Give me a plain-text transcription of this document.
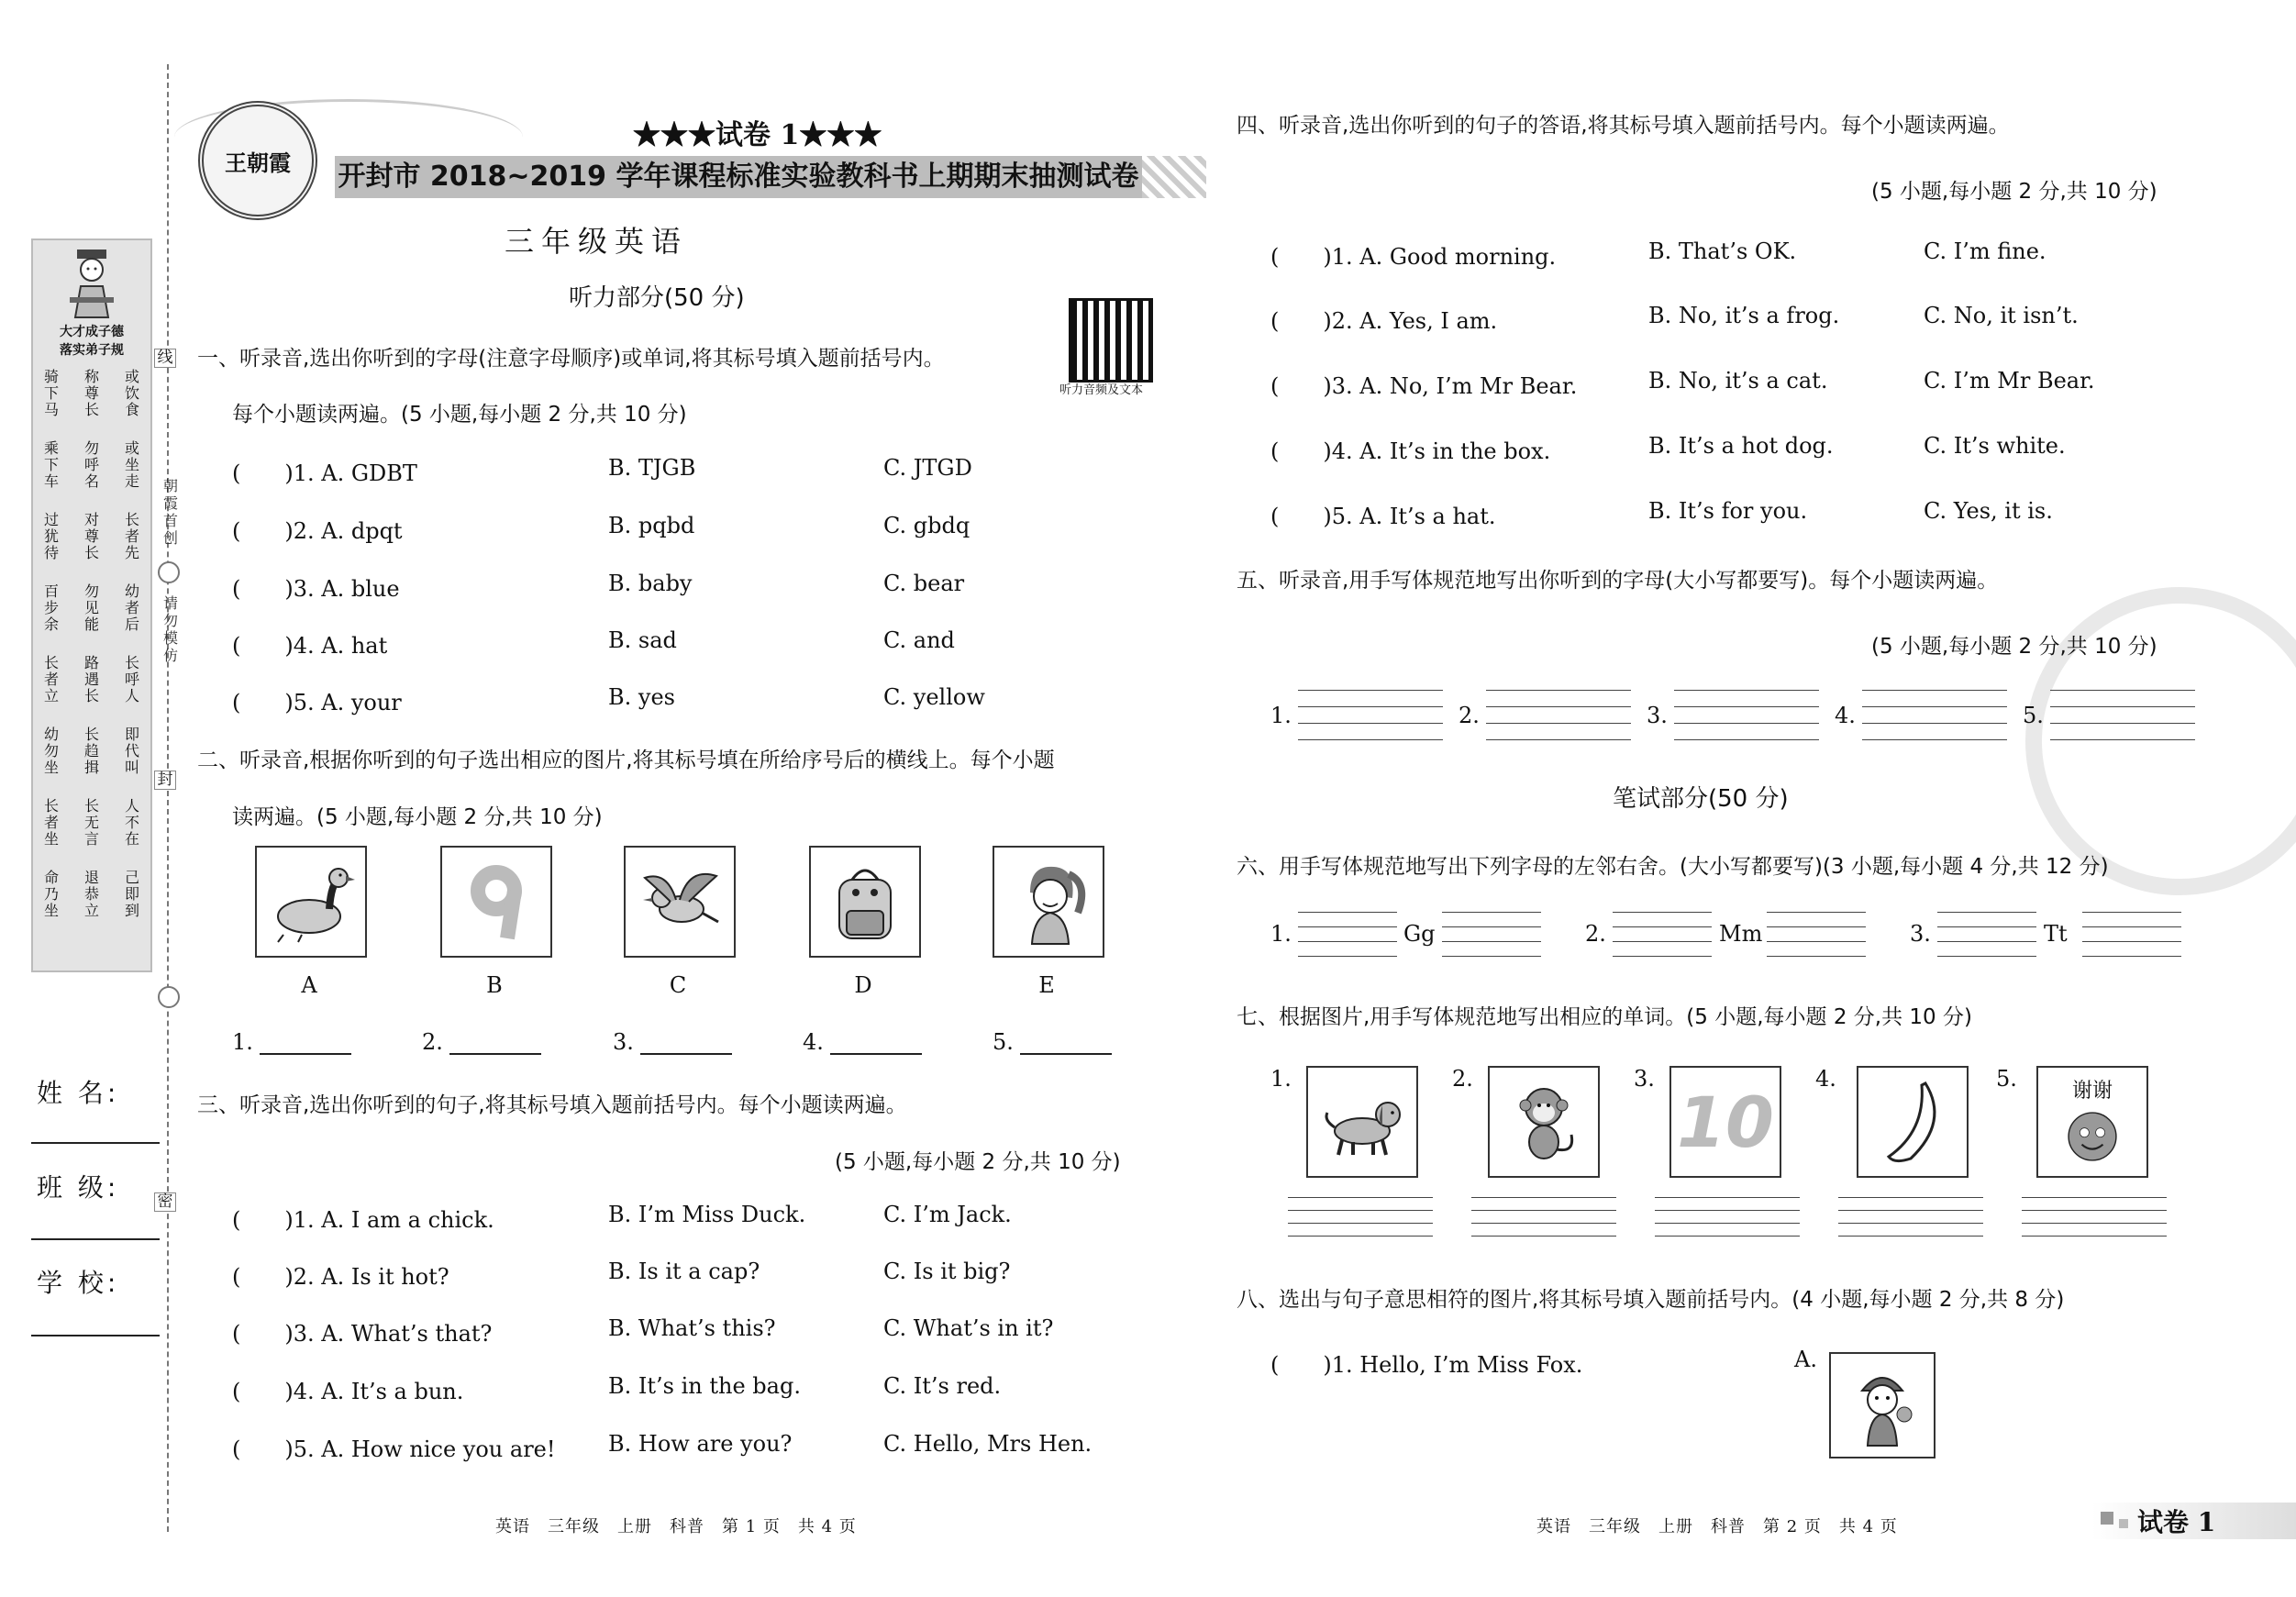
线
朝
霞
首
创
请
勿
模
仿
封
密
大才成子德
落实弟子规
骑
下
马
乘
下
车
过
犹
待
百
步
余
长
者
立
幼
勿
坐
长
者
坐
命
乃
坐
称
尊
长
勿
呼
名
对
尊
长
勿
见
能
路
遇
长
长
趋
揖
长
无
言
退
恭
立
或
饮
食
或
坐
走
长
者
先
幼
者
后
长
呼
人
即
代
叫
人
不
在
己
即
到
姓 名:
班 级:
学 校:
王朝霞
★★★试卷 1★★★
开封市 2018~2019 学年课程标准实验教科书上期期末抽测试卷
三年级英语
听力部分(50 分)
听力音频及文本
一、听录音,选出你听到的字母(注意字母顺序)或单词,将其标号填入题前括号内。
每个小题读两遍。(5 小题,每小题 2 分,共 10 分)
(　　)1. A. GDBT	B. TJGB	C. JTGD
(　　)2. A. dpqt	B. pqbd	C. gbdq
(　　)3. A. blue	B. baby	C. bear
(　　)4. A. hat	B. sad	C. and
(　　)5. A. your	B. yes	C. yellow
二、听录音,根据你听到的句子选出相应的图片,将其标号填在所给序号后的横线上。每个小题
读两遍。(5 小题,每小题 2 分,共 10 分)
A	B	C	D	E
1.	2.	3.	4.	5.
三、听录音,选出你听到的句子,将其标号填入题前括号内。每个小题读两遍。
(5 小题,每小题 2 分,共 10 分)
(　　)1. A. I am a chick.	B. I’m Miss Duck.	C. I’m Jack.
(　　)2. A. Is it hot?	B. Is it a cap?	C. Is it big?
(　　)3. A. What’s that?	B. What’s this?	C. What’s in it?
(　　)4. A. It’s a bun.	B. It’s in the bag.	C. It’s red.
(　　)5. A. How nice you are! B. How are you?	C. Hello, Mrs Hen.
英语　三年级　上册　科普　第 1 页　共 4 页
四、听录音,选出你听到的句子的答语,将其标号填入题前括号内。每个小题读两遍。
(5 小题,每小题 2 分,共 10 分)
(　　)1. A. Good morning.	B. That’s OK.	C. I’m fine.
(　　)2. A. Yes, I am.	B. No, it’s a frog.	C. No, it isn’t.
(　　)3. A. No, I’m Mr Bear.	B. No, it’s a cat.	C. I’m Mr Bear.
(　　)4. A. It’s in the box.	B. It’s a hot dog.	C. It’s white.
(　　)5. A. It’s a hat.	B. It’s for you.	C. Yes, it is.
五、听录音,用手写体规范地写出你听到的字母(大小写都要写)。每个小题读两遍。
(5 小题,每小题 2 分,共 10 分)
1.	2.	3.	4.	5.
笔试部分(50 分)
六、用手写体规范地写出下列字母的左邻右舍。(大小写都要写)(3 小题,每小题 4 分,共 12 分)
1.	Gg	2.	Mm	3.	Tt
七、根据图片,用手写体规范地写出相应的单词。(5 小题,每小题 2 分,共 10 分)
1.	2.	3.
10
4.	5.	谢谢
八、选出与句子意思相符的图片,将其标号填入题前括号内。(4 小题,每小题 2 分,共 8 分)
(　　)1. Hello, I’m Miss Fox.	A.
英语　三年级　上册　科普　第 2 页　共 4 页	试卷 1
